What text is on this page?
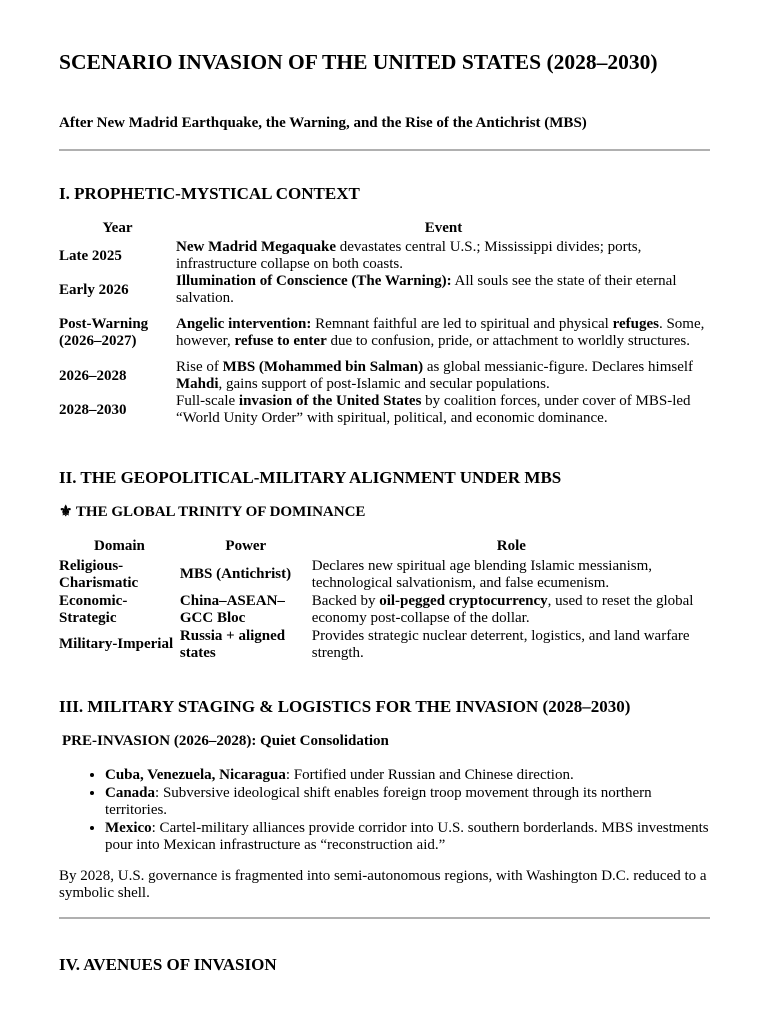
SCENARIO INVASION OF THE UNITED STATES (2028–2030)

After New Madrid Earthquake, the Warning, and the Rise of the Antichrist (MBS)

I. PROPHETIC-MYSTICAL CONTEXT
Year	Event
Late 2025	New Madrid Megaquake devastates central U.S.; Mississippi divides; ports, infrastructure collapse on both coasts.
Early 2026	Illumination of Conscience (The Warning): All souls see the state of their eternal salvation.
Post-Warning (2026–2027)	Angelic intervention: Remnant faithful are led to spiritual and physical refuges. Some, however, refuse to enter due to confusion, pride, or attachment to worldly structures.
2026–2028	Rise of MBS (Mohammed bin Salman) as global messianic-figure. Declares himself Mahdi, gains support of post-Islamic and secular populations.
2028–2030	Full-scale invasion of the United States by coalition forces, under cover of MBS-led “World Unity Order” with spiritual, political, and economic dominance.
II. THE GEOPOLITICAL-MILITARY ALIGNMENT UNDER MBS
⚜ THE GLOBAL TRINITY OF DOMINANCE
Domain	Power	Role
Religious-Charismatic	MBS (Antichrist)	Declares new spiritual age blending Islamic messianism, technological salvationism, and false ecumenism.
Economic-Strategic	China–ASEAN–GCC Bloc	Backed by oil-pegged cryptocurrency, used to reset the global economy post-collapse of the dollar.
Military-Imperial	Russia + aligned states	Provides strategic nuclear deterrent, logistics, and land warfare strength.
III. MILITARY STAGING & LOGISTICS FOR THE INVASION (2028–2030)
PRE-INVASION (2026–2028): Quiet Consolidation
• Cuba, Venezuela, Nicaragua: Fortified under Russian and Chinese direction.
• Canada: Subversive ideological shift enables foreign troop movement through its northern territories.
• Mexico: Cartel-military alliances provide corridor into U.S. southern borderlands. MBS investments pour into Mexican infrastructure as “reconstruction aid.”

By 2028, U.S. governance is fragmented into semi-autonomous regions, with Washington D.C. reduced to a symbolic shell.

IV. AVENUES OF INVASION
